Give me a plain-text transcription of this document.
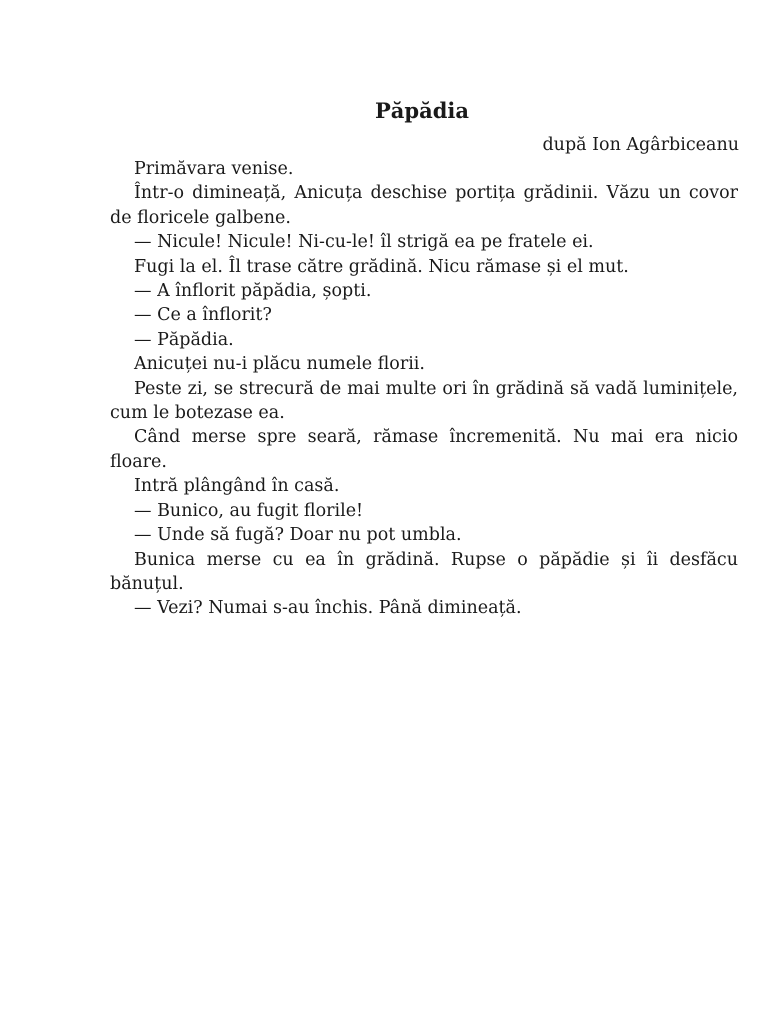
Păpădia

după Ion Agârbiceanu

Primăvara venise.

Într-o dimineață, Anicuța deschise portița grădinii. Văzu un covor de floricele galbene.

— Nicule! Nicule! Ni-cu-le! îl strigă ea pe fratele ei.

Fugi la el. Îl trase către grădină. Nicu rămase și el mut.

— A înflorit păpădia, șopti.

— Ce a înflorit?

— Păpădia.

Anicuței nu-i plăcu numele florii.

Peste zi, se strecură de mai multe ori în grădină să vadă luminițele, cum le botezase ea.

Când merse spre seară, rămase încremenită. Nu mai era nicio floare.

Intră plângând în casă.

— Bunico, au fugit florile!

— Unde să fugă? Doar nu pot umbla.

Bunica merse cu ea în grădină. Rupse o păpădie și îi desfăcu bănuțul.

— Vezi? Numai s-au închis. Până dimineață.
